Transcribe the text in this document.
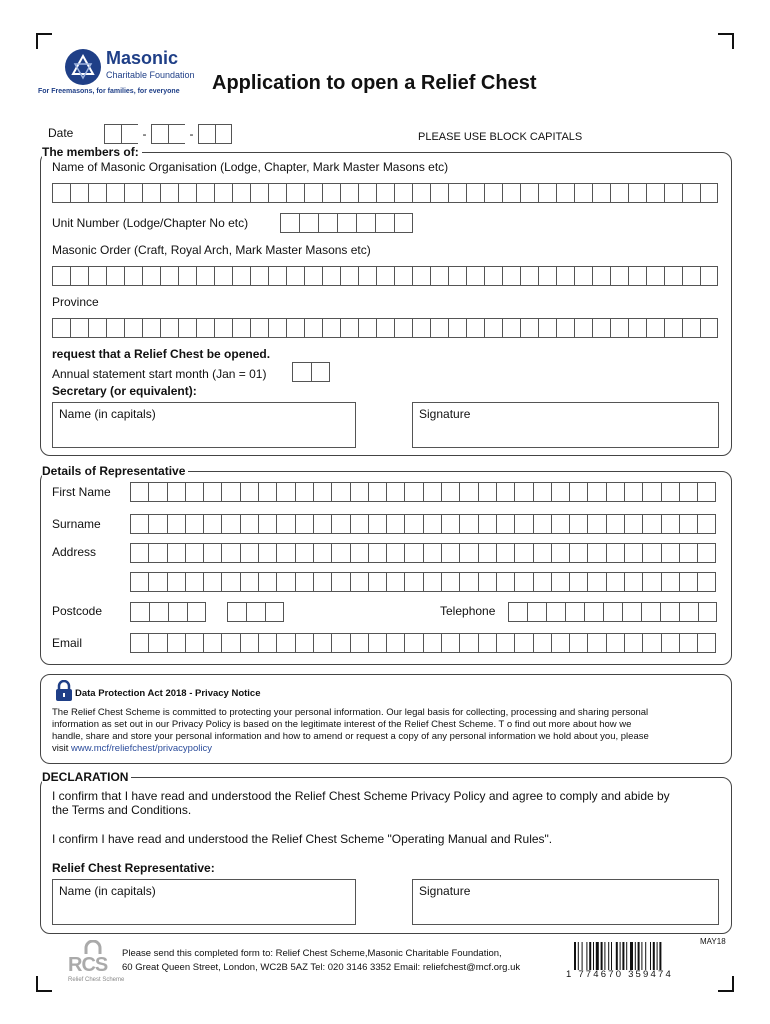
Masonic
Charitable Foundation
For Freemasons, for families, for everyone Application to open a Relief Chest
Date	-	-	PLEASE USE BLOCK CAPITALS
The members of:
Name of Masonic Organisation (Lodge, Chapter, Mark Master Masons etc)
Unit Number (Lodge/Chapter No etc)
Masonic Order (Craft, Royal Arch, Mark Master Masons etc)
Province
request that a Relief Chest be opened.
Annual statement start month (Jan = 01)
Secretary (or equivalent):
Name (in capitals)	Signature
Details of Representative
First Name
Surname
Address
Postcode	Telephone
Email
Data Protection Act 2018 - Privacy Notice
The Relief Chest Scheme is committed to protecting your personal information. Our legal basis for collecting, processing and sharing personal
information as set out in our Privacy Policy is based on the legitimate interest of the Relief Chest Scheme. T o find out more about how we
handle, share and store your personal information and how to amend or request a copy of any personal information we hold about you, please
visit www.mcf/reliefchest/privacypolicy
DECLARATION
I confirm that I have read and understood the Relief Chest Scheme Privacy Policy and agree to comply and abide by
the Terms and Conditions.
I confirm I have read and understood the Relief Chest Scheme "Operating Manual and Rules".
Relief Chest Representative:
Name (in capitals)	Signature
MAY18
RCS
Relief Chest Scheme
Please send this completed form to: Relief Chest Scheme,Masonic Charitable Foundation,
60 Great Queen Street, London, WC2B 5AZ Tel: 020 3146 3352 Email: reliefchest@mcf.org.uk
1 774670 359474
